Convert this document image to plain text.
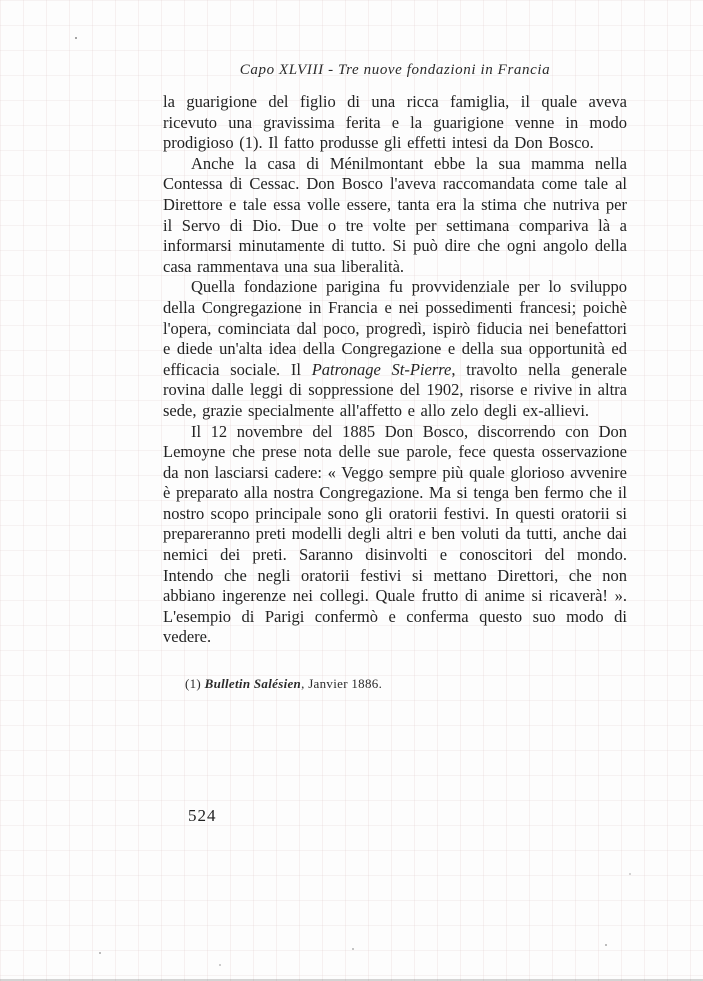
Capo XLVIII - Tre nuove fondazioni in Francia

la guarigione del figlio di una ricca famiglia, il quale aveva ricevuto una gravissima ferita e la guarigione venne in modo prodigioso (1). Il fatto produsse gli effetti intesi da Don Bosco.

Anche la casa di Ménilmontant ebbe la sua mamma nella Contessa di Cessac. Don Bosco l'aveva raccomandata come tale al Direttore e tale essa volle essere, tanta era la stima che nutriva per il Servo di Dio. Due o tre volte per settimana compariva là a informarsi minutamente di tutto. Si può dire che ogni angolo della casa rammentava una sua liberalità.

Quella fondazione parigina fu provvidenziale per lo sviluppo della Congregazione in Francia e nei possedimenti francesi; poichè l'opera, cominciata dal poco, progredì, ispirò fiducia nei benefattori e diede un'alta idea della Congregazione e della sua opportunità ed efficacia sociale. Il Patronage St-Pierre, travolto nella generale rovina dalle leggi di soppressione del 1902, risorse e rivive in altra sede, grazie specialmente all'affetto e allo zelo degli ex-allievi.

Il 12 novembre del 1885 Don Bosco, discorrendo con Don Lemoyne che prese nota delle sue parole, fece questa osservazione da non lasciarsi cadere: « Veggo sempre più quale glorioso avvenire è preparato alla nostra Congregazione. Ma si tenga ben fermo che il nostro scopo principale sono gli oratorii festivi. In questi oratorii si prepareranno preti modelli degli altri e ben voluti da tutti, anche dai nemici dei preti. Saranno disinvolti e conoscitori del mondo. Intendo che negli oratorii festivi si mettano Direttori, che non abbiano ingerenze nei collegi. Quale frutto di anime si ricaverà! ». L'esempio di Parigi confermò e conferma questo suo modo di vedere.

(1) Bulletin Salésien, Janvier 1886.
524
